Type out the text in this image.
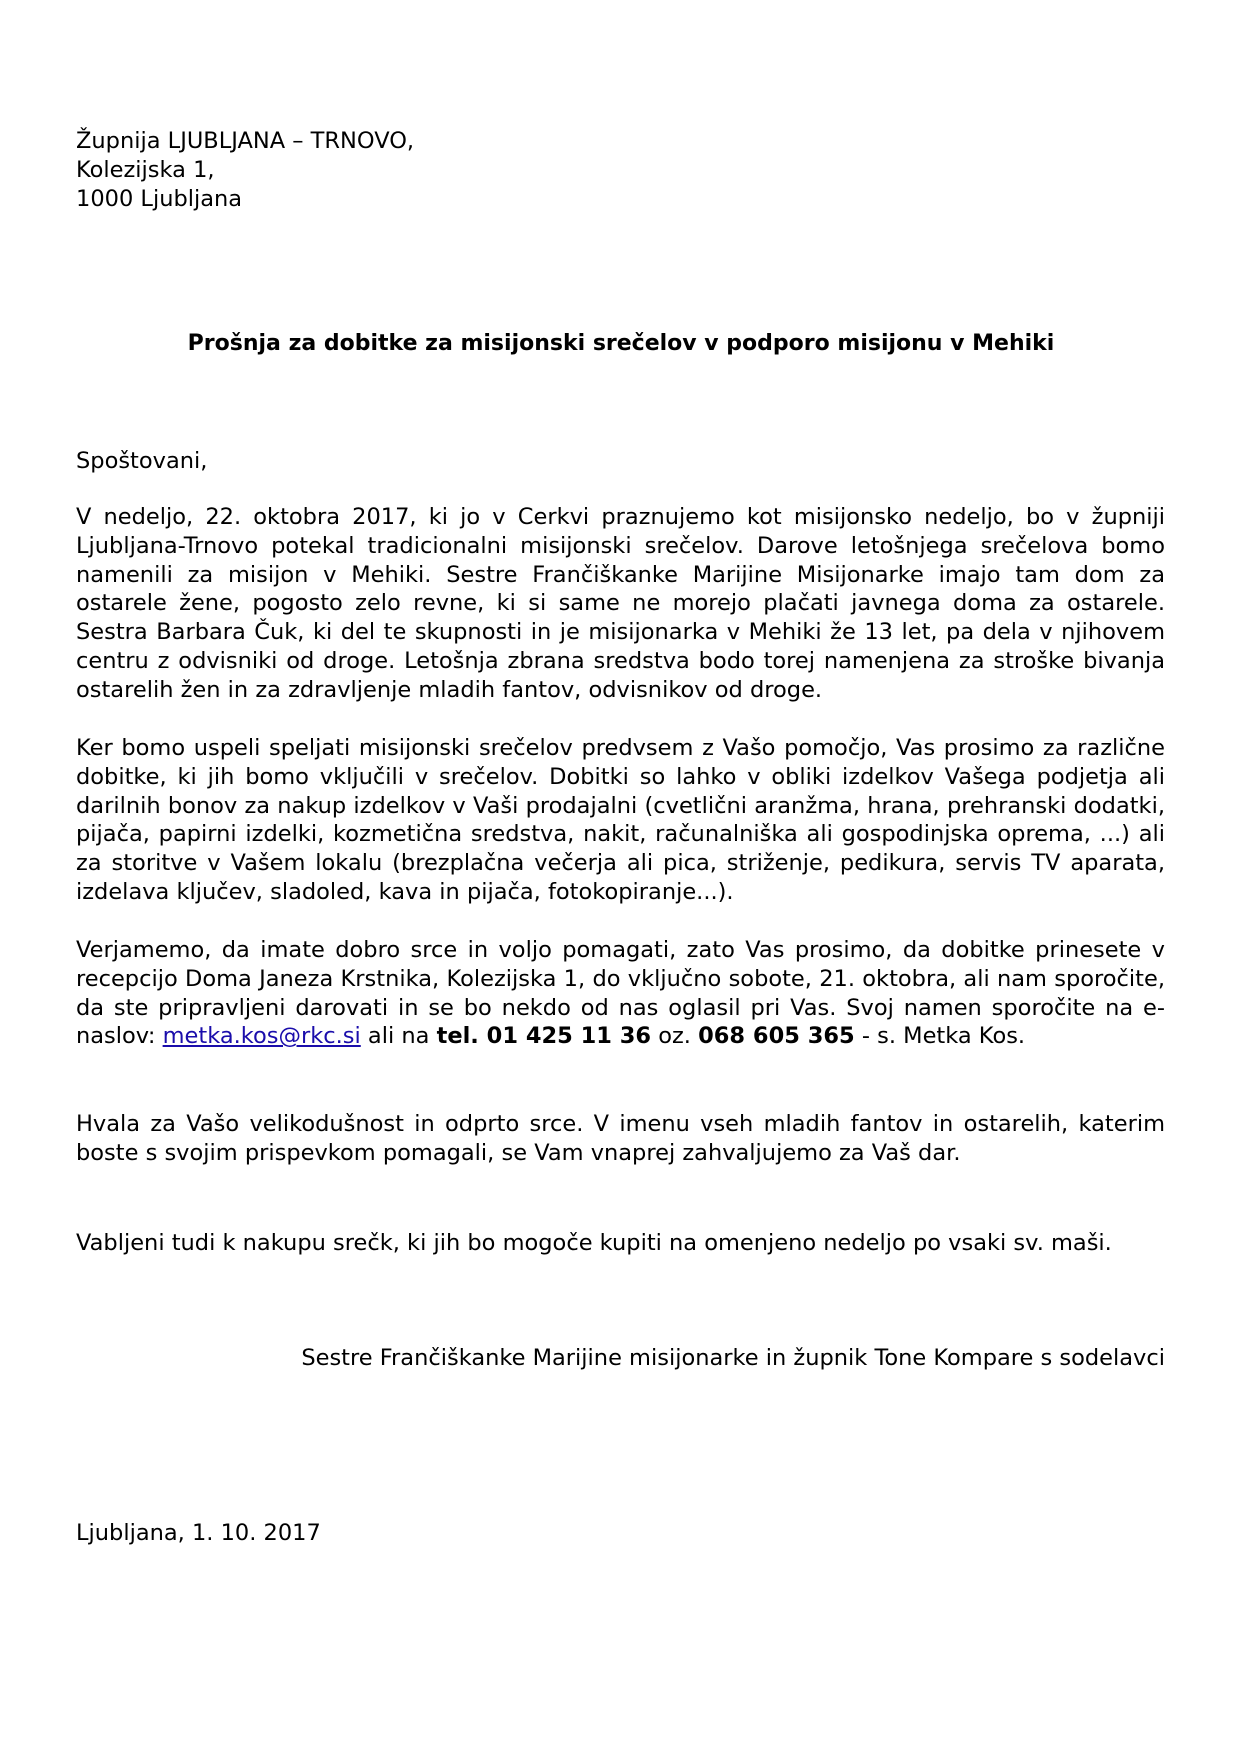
Župnija LJUBLJANA – TRNOVO,
Kolezijska 1,
1000 Ljubljana
Prošnja za dobitke za misijonski srečelov v podporo misijonu v Mehiki
Spoštovani,
V nedeljo, 22. oktobra 2017, ki jo v Cerkvi praznujemo kot misijonsko nedeljo, bo v župniji Ljubljana-Trnovo potekal tradicionalni misijonski srečelov. Darove letošnjega srečelova bomo namenili za misijon v Mehiki. Sestre Frančiškanke Marijine Misijonarke imajo tam dom za ostarele žene, pogosto zelo revne, ki si same ne morejo plačati javnega doma za ostarele. Sestra Barbara Čuk, ki del te skupnosti in je misijonarka v Mehiki že 13 let, pa dela v njihovem centru z odvisniki od droge. Letošnja zbrana sredstva bodo torej namenjena za stroške bivanja ostarelih žen in za zdravljenje mladih fantov, odvisnikov od droge.
Ker bomo uspeli speljati misijonski srečelov predvsem z Vašo pomočjo, Vas prosimo za različne dobitke, ki jih bomo vključili v srečelov. Dobitki so lahko v obliki izdelkov Vašega podjetja ali darilnih bonov za nakup izdelkov v Vaši prodajalni (cvetlični aranžma, hrana, prehranski dodatki, pijača, papirni izdelki, kozmetična sredstva, nakit, računalniška ali gospodinjska oprema, ...) ali za storitve v Vašem lokalu (brezplačna večerja ali pica, striženje, pedikura, servis TV aparata, izdelava ključev, sladoled, kava in pijača, fotokopiranje...).
Verjamemo, da imate dobro srce in voljo pomagati, zato Vas prosimo, da dobitke prinesete v recepcijo Doma Janeza Krstnika, Kolezijska 1, do vključno sobote, 21. oktobra, ali nam sporočite, da ste pripravljeni darovati in se bo nekdo od nas oglasil pri Vas. Svoj namen sporočite na e-naslov: metka.kos@rkc.si ali na tel. 01 425 11 36 oz. 068 605 365 - s. Metka Kos.
Hvala za Vašo velikodušnost in odprto srce. V imenu vseh mladih fantov in ostarelih, katerim boste s svojim prispevkom pomagali, se Vam vnaprej zahvaljujemo za Vaš dar.
Vabljeni tudi k nakupu srečk, ki jih bo mogoče kupiti na omenjeno nedeljo po vsaki sv. maši.
Sestre Frančiškanke Marijine misijonarke in župnik Tone Kompare s sodelavci
Ljubljana, 1. 10. 2017
